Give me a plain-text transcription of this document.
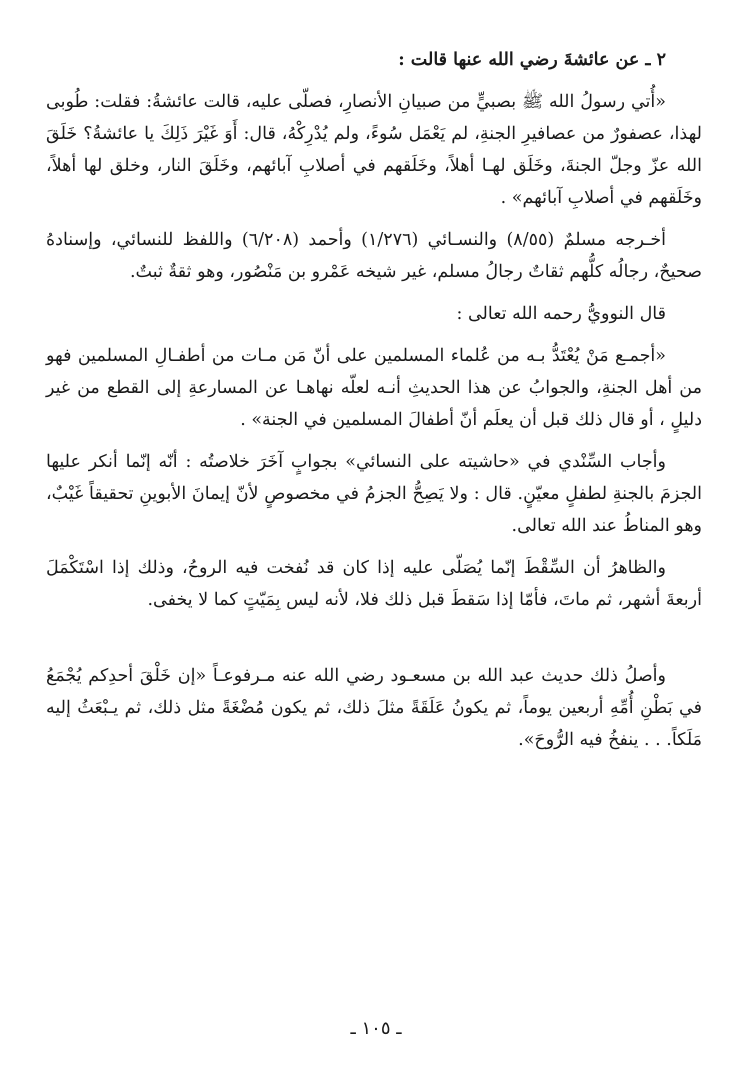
٢ ـ عن عائشةَ رضي الله عنها قالت :

«أُتي رسولُ الله ﷺ بصبيٍّ من صبيانِ الأنصارِ، فصلّى عليه، قالت عائشةُ: فقلت: طُوبى لهذا، عصفورٌ من عصافيرِ الجنةِ، لم يَعْمَل سُوءً، ولم يُدْرِكْهُ، قال: أَوَ غَيْرَ ذَلِكَ يا عائشةُ؟ خَلَقَ الله عزّ وجلّ الجنةَ، وخَلَق لهـا أهلاً، وخَلَقهم في أصلابِ آبائهم، وخَلَقَ النار، وخلق لها أهلاً، وخَلَقهم في أصلابِ آبائهم» .

أخـرجه مسلمٌ (٨/٥٥) والنسـائي (١/٢٧٦) وأحمد (٦/٢٠٨) واللفظ للنسائي، وإسنادهُ صحيحٌ، رجالُه كلُّهم ثقاتٌ رجالُ مسلم، غير شيخه عَمْرو بن مَنْصُور، وهو ثقةٌ ثبتٌ.

قال النوويُّ رحمه الله تعالى :

«أجمـع مَنْ يُعْتَدُّ بـه من عُلماء المسلمين على أنّ مَن مـات من أطفـالِ المسلمين فهو من أهل الجنةِ، والجوابُ عن هذا الحديثِ أنـه لعلّه نهاهـا عن المسارعةِ إلى القطع من غير دليلٍ ، أو قال ذلك قبل أن يعلَم أنّ أطفالَ المسلمين في الجنة» .

وأجاب السِّنْدي في «حاشيته على النسائي» بجوابٍ آخَرَ خلاصتُه : أنّه إنّما أنكر عليها الجزمَ بالجنةِ لطفلٍ معيّنٍ. قال : ولا يَصِحُّ الجزمُ في مخصوصٍ لأنّ إيمانَ الأبوينِ تحقيقاً غَيْبٌ، وهو المناطُ عند الله تعالى.

والظاهرُ أن السِّقْطَ إنّما يُصَلّى عليه إذا كان قد نُفخت فيه الروحُ، وذلك إذا اسْتَكْمَلَ أربعةَ أشهر، ثم ماتَ، فأمّا إذا سَقطَ قبل ذلك فلا، لأنه ليس بِمَيّتٍ كما لا يخفى.

وأصلُ ذلك حديث عبد الله بن مسعـود رضي الله عنه مـرفوعـاً «إن خَلْقَ أحدِكم يُجْمَعُ في بَطْنِ أُمِّهِ أربعين يوماً، ثم يكونُ عَلَقَةً مثلَ ذلك، ثم يكون مُضْغَةً مثل ذلك، ثم يـبْعَثُ إليه مَلَكاً. . . ينفخُ فيه الرُّوحَ».

ـ ١٠٥ ـ
